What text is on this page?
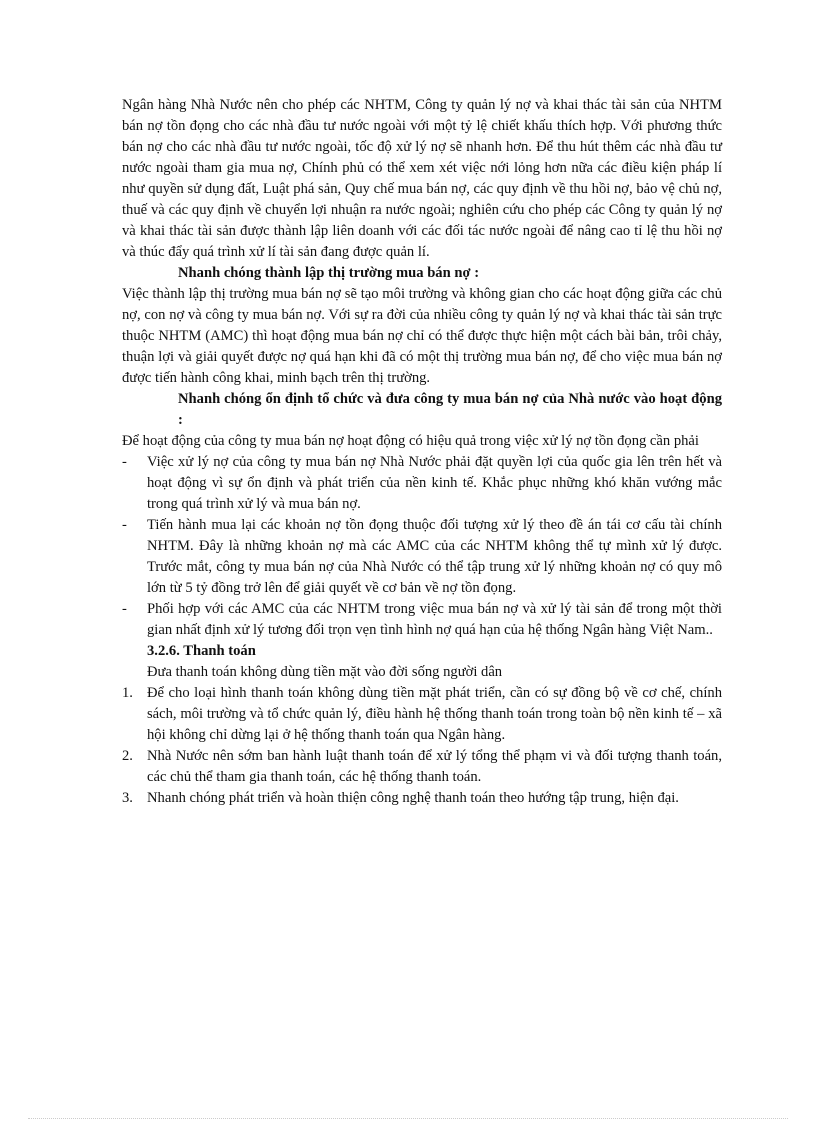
Ngân hàng Nhà Nước nên cho phép các NHTM, Công ty quản lý nợ và khai thác tài sản của NHTM bán nợ tồn đọng cho các nhà đầu tư nước ngoài với một tỷ lệ chiết khấu thích hợp. Với phương thức bán nợ cho các nhà đầu tư nước ngoài, tốc độ xử lý nợ sẽ nhanh hơn. Để thu hút thêm các nhà đầu tư nước ngoài tham gia mua nợ, Chính phủ có thể xem xét việc nới lỏng hơn nữa các điều kiện pháp lí như quyền sử dụng đất, Luật phá sản, Quy chế mua bán nợ, các quy định về thu hồi nợ, bảo vệ chủ nợ, thuế và các quy định về chuyển lợi nhuận ra nước ngoài; nghiên cứu cho phép các Công ty quản lý nợ và khai thác tài sản được thành lập liên doanh với các đối tác nước ngoài để nâng cao tỉ lệ thu hồi nợ và thúc đẩy quá trình xử lí tài sản đang được quản lí.

Nhanh chóng thành lập thị trường mua bán nợ :

Việc thành lập thị trường mua bán nợ sẽ tạo môi trường và không gian cho các hoạt động giữa các chủ nợ, con nợ và công ty mua bán nợ. Với sự ra đời của nhiều công ty quản lý nợ và khai thác tài sản trực thuộc NHTM (AMC) thì hoạt động mua bán nợ chỉ có thể được thực hiện một cách bài bản, trôi chảy, thuận lợi và giải quyết được nợ quá hạn khi đã có một thị trường mua bán nợ, để cho việc mua bán nợ được tiến hành công khai, minh bạch trên thị trường.

Nhanh chóng ổn định tổ chức và đưa công ty mua bán nợ của Nhà nước vào hoạt động :

Để hoạt động của công ty mua bán nợ hoạt động có hiệu quả trong việc xử lý nợ tồn đọng cần phải

- Việc xử lý nợ của công ty mua bán nợ Nhà Nước phải đặt quyền lợi của quốc gia lên trên hết và hoạt động vì sự ổn định và phát triển của nền kinh tế. Khắc phục những khó khăn vướng mắc trong quá trình xử lý và mua bán nợ.
- Tiến hành mua lại các khoản nợ tồn đọng thuộc đối tượng xử lý theo đề án tái cơ cấu tài chính NHTM. Đây là những khoản nợ mà các AMC của các NHTM không thể tự mình xử lý được. Trước mắt, công ty mua bán nợ của Nhà Nước có thể tập trung xử lý những khoản nợ có quy mô lớn từ 5 tỷ đồng trở lên để giải quyết về cơ bản về nợ tồn đọng.
- Phối hợp với các AMC của các NHTM trong việc mua bán nợ và xử lý tài sản để trong một thời gian nhất định xử lý tương đối trọn vẹn tình hình nợ quá hạn của hệ thống Ngân hàng Việt Nam..

3.2.6. Thanh toán

Đưa thanh toán không dùng tiền mặt vào đời sống người dân

1. Để cho loại hình thanh toán không dùng tiền mặt phát triển, cần có sự đồng bộ về cơ chế, chính sách, môi trường và tổ chức quản lý, điều hành hệ thống thanh toán trong toàn bộ nền kinh tế – xã hội không chỉ dừng lại ở hệ thống thanh toán qua Ngân hàng.
2. Nhà Nước nên sớm ban hành luật thanh toán để xử lý tổng thể phạm vi và đối tượng thanh toán, các chủ thể tham gia thanh toán, các hệ thống thanh toán.
3. Nhanh chóng phát triển và hoàn thiện công nghệ thanh toán theo hướng tập trung, hiện đại.
